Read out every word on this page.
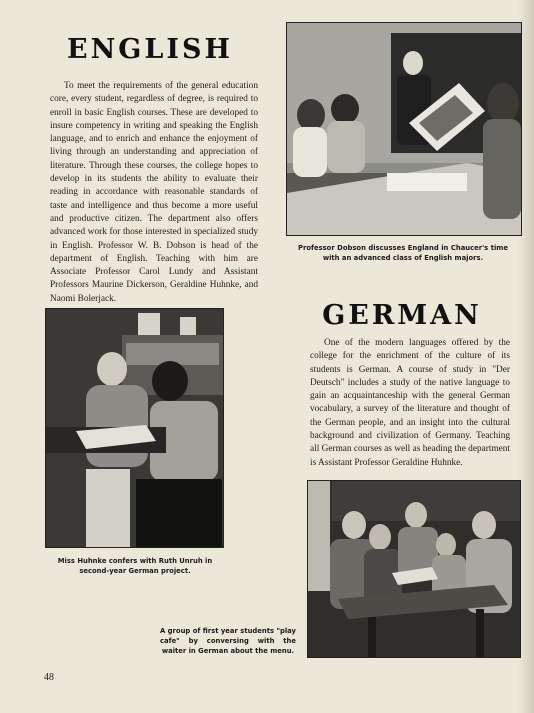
ENGLISH

To meet the requirements of the general education core, every student, regardless of degree, is required to enroll in basic English courses. These are developed to insure competency in writing and speaking the English language, and to enrich and enhance the enjoyment of living through an understanding and appreciation of literature. Through these courses, the college hopes to develop in its students the ability to evaluate their reading in accordance with reasonable standards of taste and intelligence and thus become a more useful and productive citizen. The department also offers advanced work for those interested in specialized study in English. Professor W. B. Dobson is head of the department of English. Teaching with him are Associate Professor Carol Lundy and Assistant Professors Maurine Dickerson, Geraldine Huhnke, and Naomi Bolerjack.

Professor Dobson discusses England in Chaucer's time with an advanced class of English majors.

Miss Huhnke confers with Ruth Unruh in second-year German project.

GERMAN

One of the modern languages offered by the college for the enrichment of the culture of its students is German. A course of study in "Der Deutsch" includes a study of the native language to gain an acquaintanceship with the general German vocabulary, a survey of the literature and thought of the German people, and an insight into the cultural background and civilization of Germany. Teaching all German courses as well as heading the department is Assistant Professor Geraldine Huhnke.

A group of first year students "play cafe" by conversing with the waiter in German about the menu.

48
